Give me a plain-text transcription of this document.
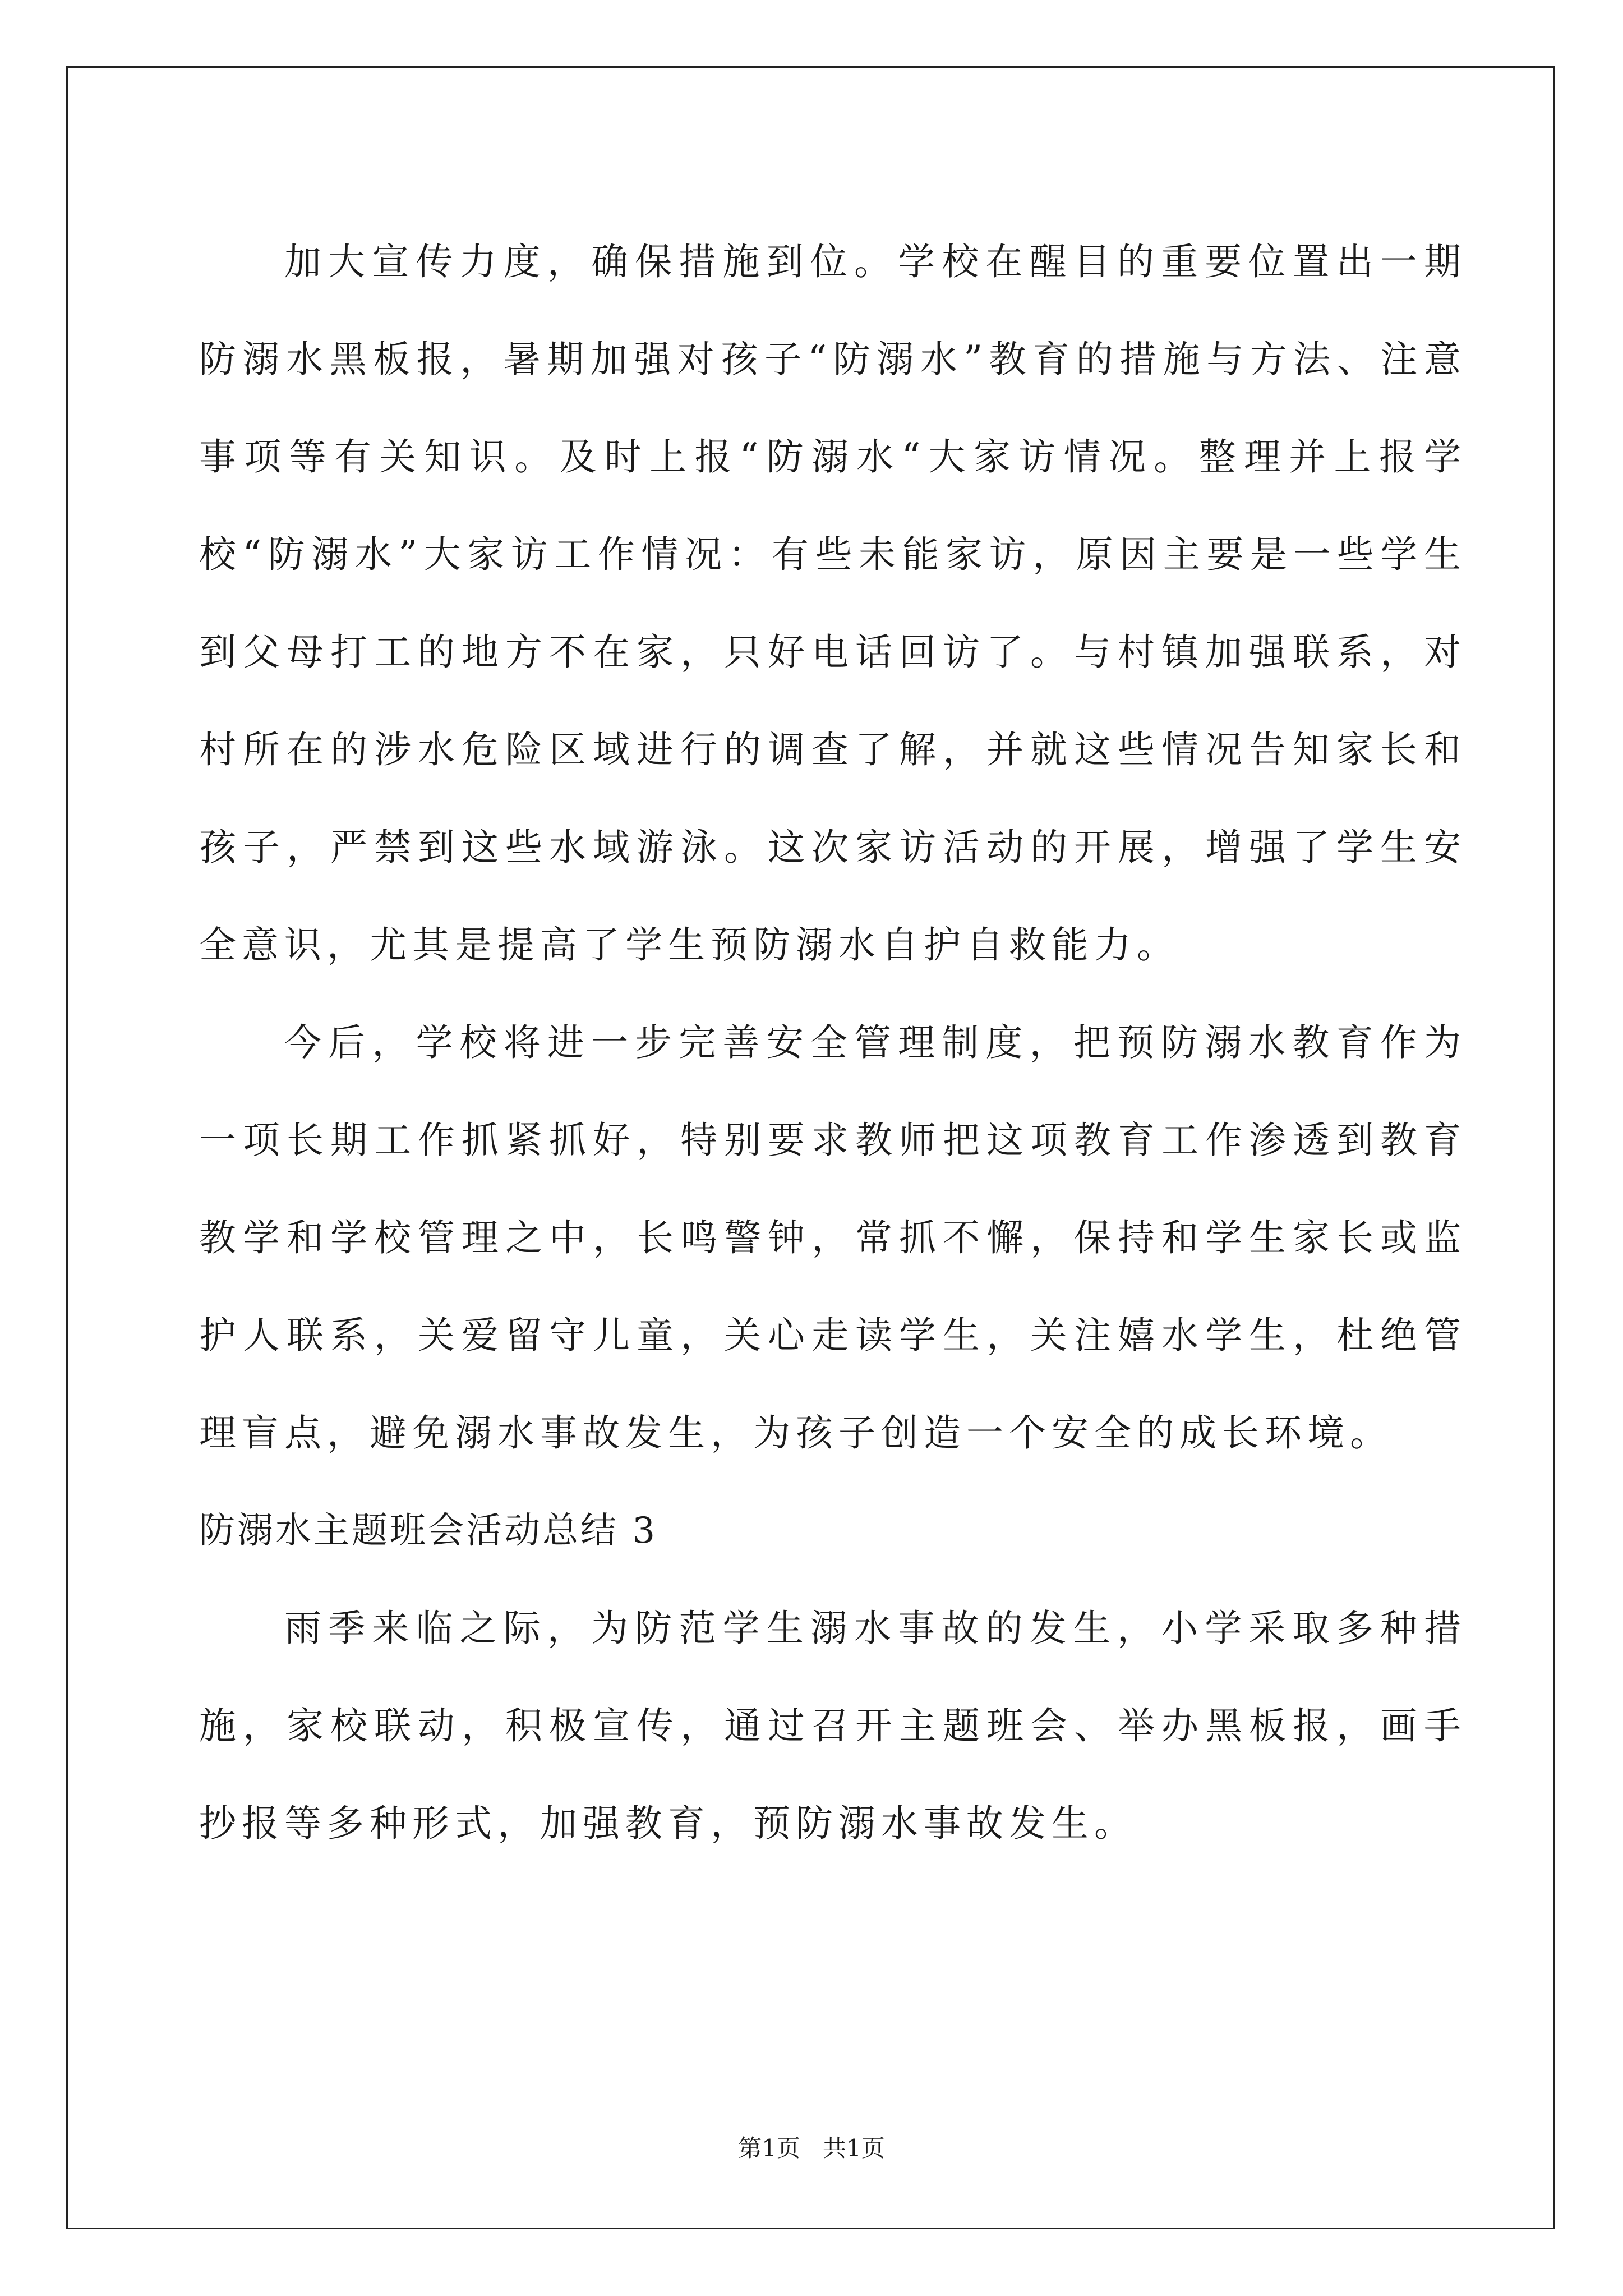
加大宣传力度，确保措施到位。学校在醒目的重要位置出一期防溺水黑板报，暑期加强对孩子“防溺水”教育的措施与方法、注意事项等有关知识。及时上报“防溺水“大家访情况。整理并上报学校“防溺水”大家访工作情况：有些未能家访，原因主要是一些学生到父母打工的地方不在家，只好电话回访了。与村镇加强联系，对村所在的涉水危险区域进行的调查了解，并就这些情况告知家长和孩子，严禁到这些水域游泳。这次家访活动的开展，增强了学生安全意识，尤其是提高了学生预防溺水自护自救能力。

今后，学校将进一步完善安全管理制度，把预防溺水教育作为一项长期工作抓紧抓好，特别要求教师把这项教育工作渗透到教育教学和学校管理之中，长鸣警钟，常抓不懈，保持和学生家长或监护人联系，关爱留守儿童，关心走读学生，关注嬉水学生，杜绝管理盲点，避免溺水事故发生，为孩子创造一个安全的成长环境。

防溺水主题班会活动总结 3

雨季来临之际，为防范学生溺水事故的发生，小学采取多种措施，家校联动，积极宣传，通过召开主题班会、举办黑板报，画手抄报等多种形式，加强教育，预防溺水事故发生。

第1页 共1页
